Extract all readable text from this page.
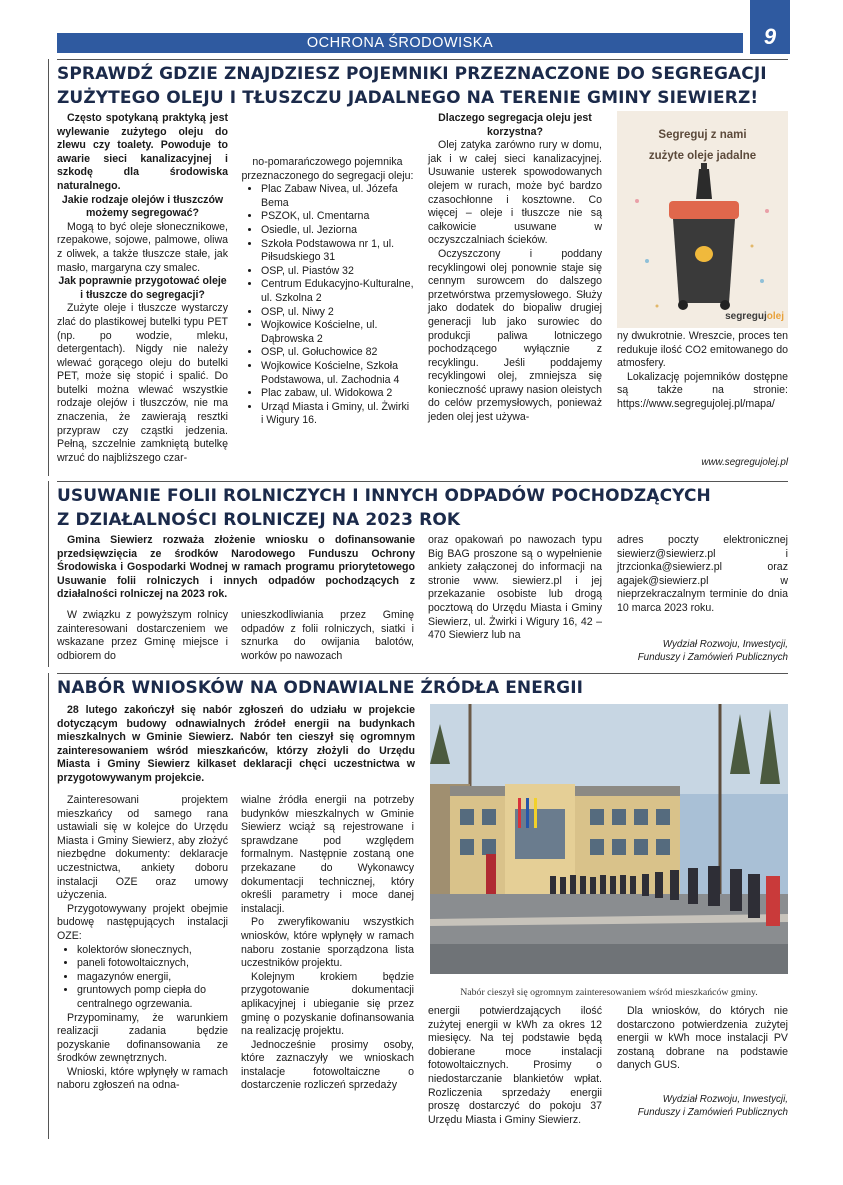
OCHRONA ŚRODOWISKA	9
SPRAWDŹ GDZIE ZNAJDZIESZ POJEMNIKI PRZEZNACZONE DO SEGREGACJI
ZUŻYTEGO OLEJU I TŁUSZCZU JADALNEGO NA TERENIE GMINY SIEWIERZ!

Często spotykaną praktyką jest wylewanie zużytego oleju do zlewu czy toalety. Powoduje to awarie sieci kanalizacyjnej i szkodę dla środowiska naturalnego.

Jakie rodzaje olejów i tłuszczów możemy segregować?

Mogą to być oleje słonecznikowe, rzepakowe, sojowe, palmowe, oliwa z oliwek, a także tłuszcze stałe, jak masło, margaryna czy smalec.

Jak poprawnie przygotować oleje i tłuszcze do segregacji?

Zużyte oleje i tłuszcze wystarczy zlać do plastikowej butelki typu PET (np. po wodzie, mleku, detergentach). Nigdy nie należy wlewać gorącego oleju do butelki PET, może się stopić i spalić. Do butelki można wlewać wszystkie rodzaje olejów i tłuszczów, nie ma znaczenia, że zawierają resztki przypraw czy cząstki jedzenia. Pełną, szczelnie zamkniętą butelkę wrzuć do najbliższego czar-

no-pomarańczowego pojemnika przeznaczonego do segregacji oleju:

• Plac Zabaw Nivea, ul. Józefa Bema
• PSZOK, ul. Cmentarna
• Osiedle, ul. Jeziorna
• Szkoła Podstawowa nr 1, ul. Piłsudskiego 31
• OSP, ul. Piastów 32
• Centrum Edukacyjno-Kulturalne, ul. Szkolna 2
• OSP, ul. Niwy 2
• Wojkowice Kościelne, ul. Dąbrowska 2
• OSP, ul. Gołuchowice 82
• Wojkowice Kościelne, Szkoła Podstawowa, ul. Zachodnia 4
• Plac zabaw, ul. Widokowa 2
• Urząd Miasta i Gminy, ul. Żwirki i Wigury 16.

Dlaczego segregacja oleju jest korzystna?

Olej zatyka zarówno rury w domu, jak i w całej sieci kanalizacyjnej. Usuwanie usterek spowodowanych olejem w rurach, może być bardzo czasochłonne i kosztowne. Co więcej – oleje i tłuszcze nie są całkowicie usuwane w oczyszczalniach ścieków.

Oczyszczony i poddany recyklingowi olej ponownie staje się cennym surowcem do dalszego przetwórstwa przemysłowego. Służy jako dodatek do biopaliw drugiej generacji lub jako surowiec do produkcji paliwa lotniczego pochodzącego wyłącznie z recyklingu. Jeśli poddajemy recyklingowi olej, zmniejsza się konieczność uprawy nasion oleistych do celów przemysłowych, ponieważ jeden olej jest używa-

Segreguj z nami
zużyte oleje jadalne
segregujolej

ny dwukrotnie. Wreszcie, proces ten redukuje ilość CO2 emitowanego do atmosfery.

Lokalizację pojemników dostępne są także na stronie: https://www.segregujolej.pl/mapa/

www.segregujolej.pl
USUWANIE FOLII ROLNICZYCH I INNYCH ODPADÓW POCHODZĄCYCH
Z DZIAŁALNOŚCI ROLNICZEJ NA 2023 ROK

Gmina Siewierz rozważa złożenie wniosku o dofinansowanie przedsięwzięcia ze środków Narodowego Funduszu Ochrony Środowiska i Gospodarki Wodnej w ramach programu priorytetowego Usuwanie folii rolniczych i innych odpadów pochodzących z działalności rolniczej na 2023 rok.

W związku z powyższym rolnicy zainteresowani dostarczeniem we wskazane przez Gminę miejsce i odbiorem do

unieszkodliwiania przez Gminę odpadów z folii rolniczych, siatki i sznurka do owijania balotów, worków po nawozach

oraz opakowań po nawozach typu Big BAG proszone są o wypełnienie ankiety załączonej do informacji na stronie www. siewierz.pl i jej przekazanie osobiste lub drogą pocztową do Urzędu Miasta i Gminy Siewierz, ul. Żwirki i Wigury 16, 42 – 470 Siewierz lub na

adres poczty elektronicznej siewierz@siewierz.pl i jtrzcionka@siewierz.pl oraz agajek@siewierz.pl w nieprzekraczalnym terminie do dnia 10 marca 2023 roku.

Wydział Rozwoju, Inwestycji,
Funduszy i Zamówień Publicznych
NABÓR WNIOSKÓW NA ODNAWIALNE ŹRÓDŁA ENERGII

28 lutego zakończył się nabór zgłoszeń do udziału w projekcie dotyczącym budowy odnawialnych źródeł energii na budynkach mieszkalnych w Gminie Siewierz. Nabór ten cieszył się ogromnym zainteresowaniem wśród mieszkańców, którzy złożyli do Urzędu Miasta i Gminy Siewierz kilkaset deklaracji chęci uczestnictwa w przygotowywanym projekcie.

Zainteresowani projektem mieszkańcy od samego rana ustawiali się w kolejce do Urzędu Miasta i Gminy Siewierz, aby złożyć niezbędne dokumenty: deklaracje uczestnictwa, ankiety doboru instalacji OZE oraz umowy użyczenia.

Przygotowywany projekt obejmie budowę następujących instalacji OZE:

• kolektorów słonecznych,
• paneli fotowoltaicznych,
• magazynów energii,
• gruntowych pomp ciepła do centralnego ogrzewania.

Przypominamy, że warunkiem realizacji zadania będzie pozyskanie dofinansowania ze środków zewnętrznych.

Wnioski, które wpłynęły w ramach naboru zgłoszeń na odna-

wialne źródła energii na potrzeby budynków mieszkalnych w Gminie Siewierz wciąż są rejestrowane i sprawdzane pod względem formalnym. Następnie zostaną one przekazane do Wykonawcy dokumentacji technicznej, który określi parametry i moce danej instalacji.

Po zweryfikowaniu wszystkich wniosków, które wpłynęły w ramach naboru zostanie sporządzona lista uczestników projektu.

Kolejnym krokiem będzie przygotowanie dokumentacji aplikacyjnej i ubieganie się przez gminę o pozyskanie dofinansowania na realizację projektu.

Jednocześnie prosimy osoby, które zaznaczyły we wnioskach instalacje fotowoltaiczne o dostarczenie rozliczeń sprzedaży

Nabór cieszył się ogromnym zainteresowaniem wśród mieszkańców gminy.

energii potwierdzających ilość zużytej energii w kWh za okres 12 miesięcy. Na tej podstawie będą dobierane moce instalacji fotowoltaicznych. Prosimy o niedostarczanie blankietów wpłat. Rozliczenia sprzedaży energii proszę dostarczyć do pokoju 37 Urzędu Miasta i Gminy Siewierz.

Dla wniosków, do których nie dostarczono potwierdzenia zużytej energii w kWh moce instalacji PV zostaną dobrane na podstawie danych GUS.

Wydział Rozwoju, Inwestycji,
Funduszy i Zamówień Publicznych
